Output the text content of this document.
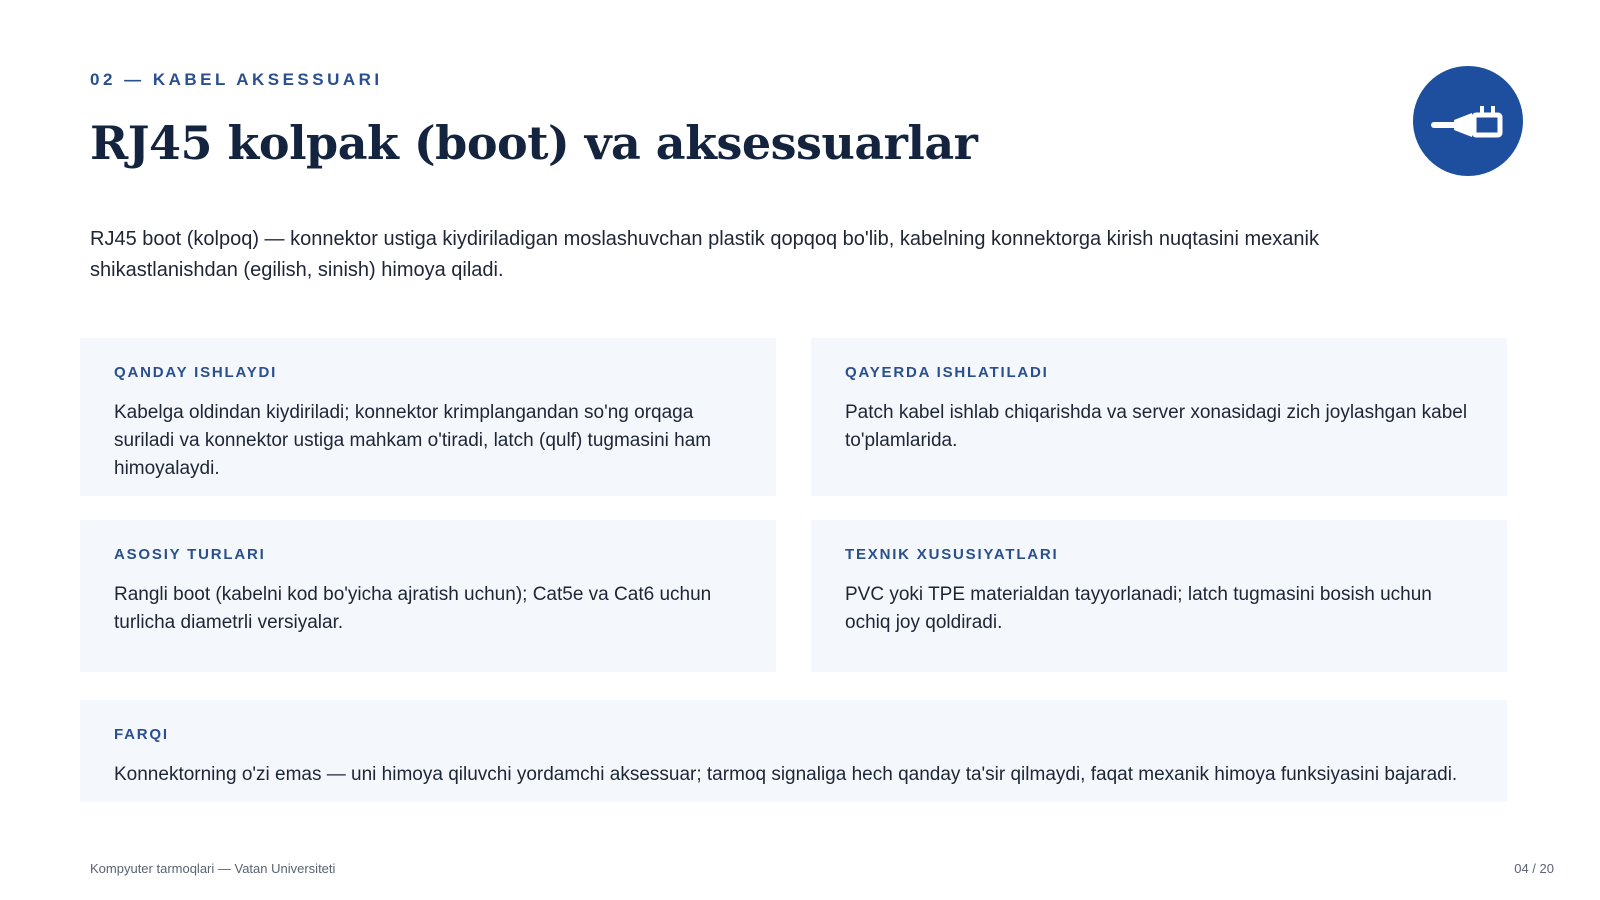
02 — KABEL AKSESSUARI
RJ45 kolpak (boot) va aksessuarlar

RJ45 boot (kolpoq) — konnektor ustiga kiydiriladigan moslashuvchan plastik qopqoq bo'lib, kabelning konnektorga kirish nuqtasini mexanik shikastlanishdan (egilish, sinish) himoya qiladi.

QANDAY ISHLAYDI

Kabelga oldindan kiydiriladi; konnektor krimplangandan so'ng orqaga suriladi va konnektor ustiga mahkam o'tiradi, latch (qulf) tugmasini ham himoyalaydi.

QAYERDA ISHLATILADI

Patch kabel ishlab chiqarishda va server xonasidagi zich joylashgan kabel to'plamlarida.

ASOSIY TURLARI

Rangli boot (kabelni kod bo'yicha ajratish uchun); Cat5e va Cat6 uchun turlicha diametrli versiyalar.

TEXNIK XUSUSIYATLARI

PVC yoki TPE materialdan tayyorlanadi; latch tugmasini bosish uchun ochiq joy qoldiradi.

FARQI

Konnektorning o'zi emas — uni himoya qiluvchi yordamchi aksessuar; tarmoq signaliga hech qanday ta'sir qilmaydi, faqat mexanik himoya funksiyasini bajaradi.

Kompyuter tarmoqlari — Vatan Universiteti	04 / 20
